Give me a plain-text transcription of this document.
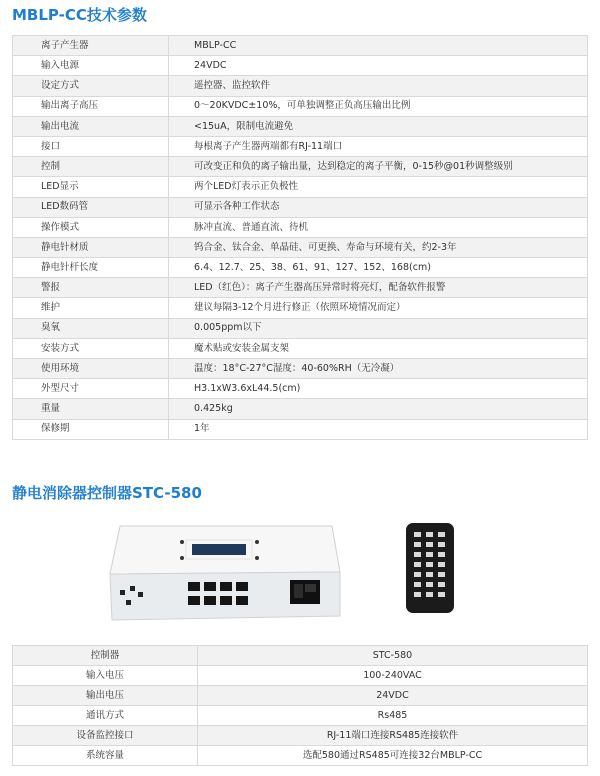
MBLP-CC技术参数
离子产生器	MBLP-CC
输入电源	24VDC
设定方式	遥控器、监控软件
输出离子高压	0～20KVDC±10%，可单独调整正负高压输出比例
输出电流	<15uA，限制电流避免
接口	每根离子产生器两端都有RJ-11端口
控制	可改变正和负的离子输出量，达到稳定的离子平衡，0-15秒@01秒调整级别
LED显示	两个LED灯表示正负极性
LED数码管	可显示各种工作状态
操作模式	脉冲直流、普通直流、待机
静电针材质	钨合金、钛合金、单晶硅、可更换、寿命与环境有关，约2-3年
静电针杆长度	6.4、12.7、25、38、61、91、127、152、168(cm)
警报	LED（红色）：离子产生器高压异常时将亮灯，配备软件报警
维护	建议每隔3-12个月进行修正（依照环境情况而定）
臭氧	0.005ppm以下
安装方式	魔术贴或安装金属支架
使用环境	温度：18°C-27°C湿度：40-60%RH（无冷凝）
外型尺寸	H3.1xW3.6xL44.5(cm)
重量	0.425kg
保修期	1年
静电消除器控制器STC-580
控制器	STC-580
输入电压	100-240VAC
输出电压	24VDC
通讯方式	Rs485
设备监控接口	RJ-11端口连接RS485连接软件
系统容量	选配580通过RS485可连接32台MBLP-CC
